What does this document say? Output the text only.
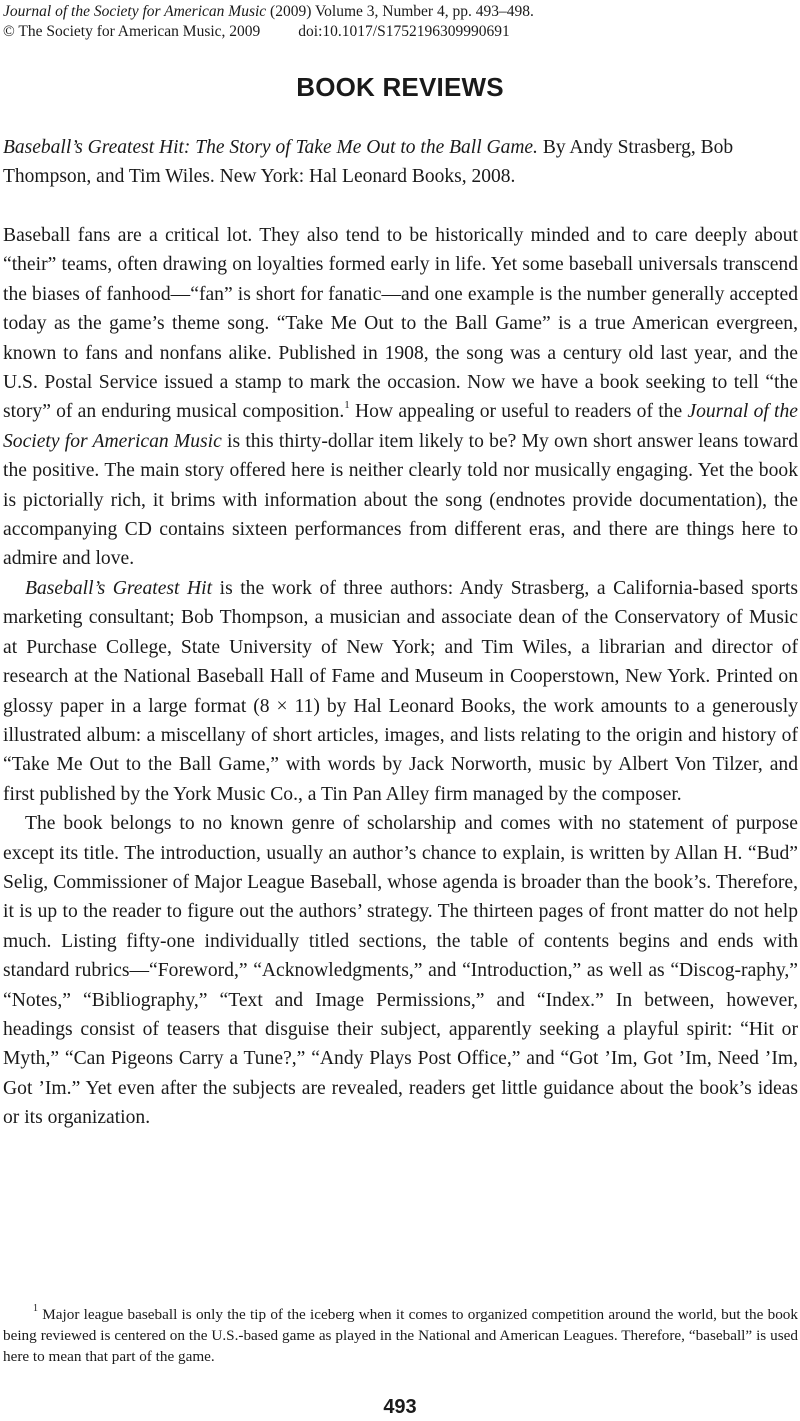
Journal of the Society for American Music (2009) Volume 3, Number 4, pp. 493–498.
© The Society for American Music, 2009 doi:10.1017/S1752196309990691
BOOK REVIEWS
Baseball’s Greatest Hit: The Story of Take Me Out to the Ball Game. By Andy Strasberg, Bob Thompson, and Tim Wiles. New York: Hal Leonard Books, 2008.

Baseball fans are a critical lot. They also tend to be historically minded and to care deeply about “their” teams, often drawing on loyalties formed early in life. Yet some baseball universals transcend the biases of fanhood—“fan” is short for fanatic—and one example is the number generally accepted today as the game’s theme song. “Take Me Out to the Ball Game” is a true American evergreen, known to fans and nonfans alike. Published in 1908, the song was a century old last year, and the U.S. Postal Service issued a stamp to mark the occasion. Now we have a book seeking to tell “the story” of an enduring musical composition.$^1$ How appealing or useful to readers of the Journal of the Society for American Music is this thirty-dollar item likely to be? My own short answer leans toward the positive. The main story offered here is neither clearly told nor musically engaging. Yet the book is pictorially rich, it brims with information about the song (endnotes provide documentation), the accompanying CD contains sixteen performances from different eras, and there are things here to admire and love.

Baseball’s Greatest Hit is the work of three authors: Andy Strasberg, a California-based sports marketing consultant; Bob Thompson, a musician and associate dean of the Conservatory of Music at Purchase College, State University of New York; and Tim Wiles, a librarian and director of research at the National Baseball Hall of Fame and Museum in Cooperstown, New York. Printed on glossy paper in a large format (8 × 11) by Hal Leonard Books, the work amounts to a generously illustrated album: a miscellany of short articles, images, and lists relating to the origin and history of “Take Me Out to the Ball Game,” with words by Jack Norworth, music by Albert Von Tilzer, and first published by the York Music Co., a Tin Pan Alley firm managed by the composer.

The book belongs to no known genre of scholarship and comes with no statement of purpose except its title. The introduction, usually an author’s chance to explain, is written by Allan H. “Bud” Selig, Commissioner of Major League Baseball, whose agenda is broader than the book’s. Therefore, it is up to the reader to figure out the authors’ strategy. The thirteen pages of front matter do not help much. Listing fifty-one individually titled sections, the table of contents begins and ends with standard rubrics—“Foreword,” “Acknowledgments,” and “Introduction,” as well as “Discog-raphy,” “Notes,” “Bibliography,” “Text and Image Permissions,” and “Index.” In between, however, headings consist of teasers that disguise their subject, apparently seeking a playful spirit: “Hit or Myth,” “Can Pigeons Carry a Tune?,” “Andy Plays Post Office,” and “Got ’Im, Got ’Im, Need ’Im, Got ’Im.” Yet even after the subjects are revealed, readers get little guidance about the book’s ideas or its organization.

$^1$ Major league baseball is only the tip of the iceberg when it comes to organized competition around the world, but the book being reviewed is centered on the U.S.-based game as played in the National and American Leagues. Therefore, “baseball” is used here to mean that part of the game.
493
